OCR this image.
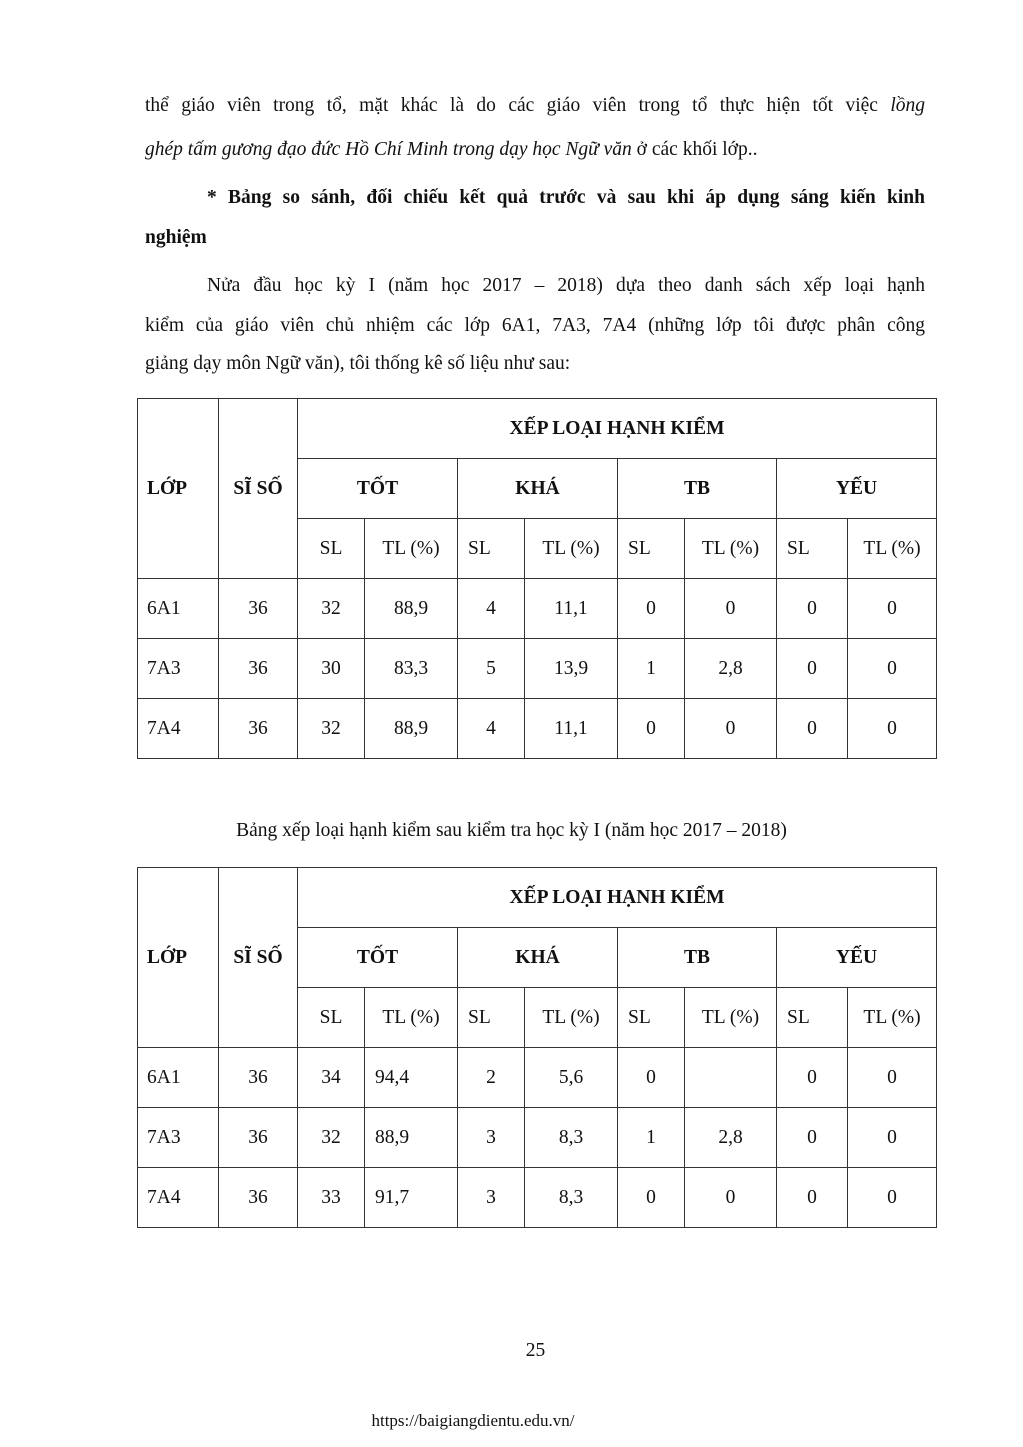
thể giáo viên trong tổ, mặt khác là do các giáo viên trong tổ thực hiện tốt việc lồng

ghép tấm gương đạo đức Hồ Chí Minh trong dạy học Ngữ văn ở các khối lớp..

* Bảng so sánh, đối chiếu kết quả trước và sau khi áp dụng sáng kiến kinh

nghiệm

Nửa đầu học kỳ I (năm học 2017 – 2018) dựa theo danh sách xếp loại hạnh

kiểm của giáo viên chủ nhiệm các lớp 6A1, 7A3, 7A4 (những lớp tôi được phân công

giảng dạy môn Ngữ văn), tôi thống kê số liệu như sau:

LỚP	SĨ SỐ	XẾP LOẠI HẠNH KIỂM							
		TỐT		KHÁ		TB		YẾU	
		SL	TL (%)	SL	TL (%)	SL	TL (%)	SL	TL (%)
6A1	36	32	88,9	4	11,1	0	0	0	0
7A3	36	30	83,3	5	13,9	1	2,8	0	0
7A4	36	32	88,9	4	11,1	0	0	0	0
Bảng xếp loại hạnh kiểm sau kiểm tra học kỳ I (năm học 2017 – 2018)
LỚP	SĨ SỐ	XẾP LOẠI HẠNH KIỂM							
		TỐT		KHÁ		TB		YẾU	
		SL	TL (%)	SL	TL (%)	SL	TL (%)	SL	TL (%)
6A1	36	34	94,4	2	5,6	0		0	0
7A3	36	32	88,9	3	8,3	1	2,8	0	0
7A4	36	33	91,7	3	8,3	0	0	0	0
25
https://baigiangdientu.edu.vn/
